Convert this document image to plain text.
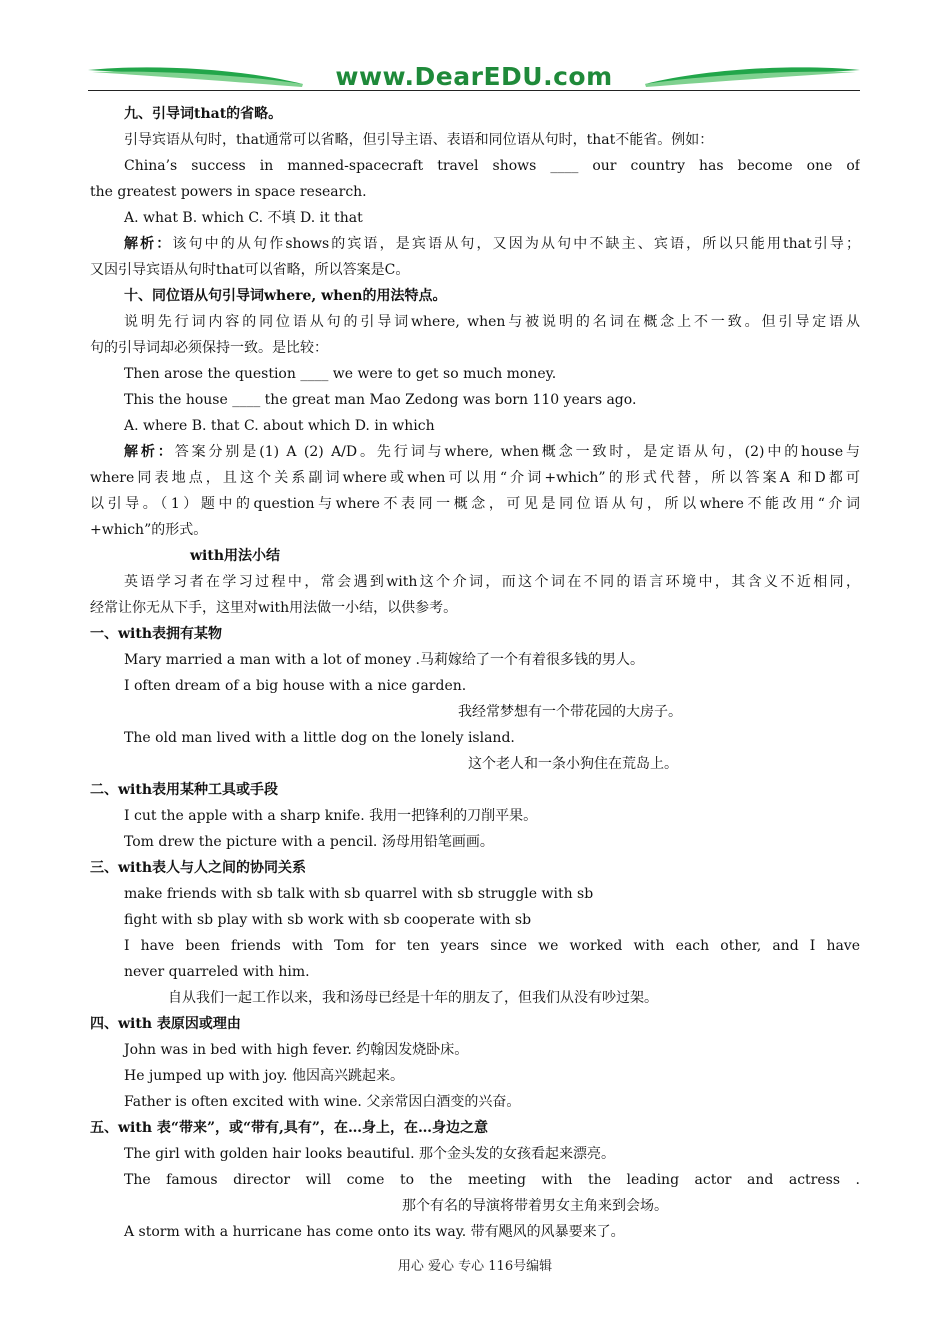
www.DearEDU.com
九、引导词that的省略。
引导宾语从句时，that通常可以省略，但引导主语、表语和同位语从句时，that不能省。例如：
China’s success in manned-spacecraft travel shows ____ our country has become one of
the greatest powers in space research.
A. what B. which C. 不填 D. it that
解析：该句中的从句作shows的宾语，是宾语从句，又因为从句中不缺主、宾语，所以只能用that引导；
又因引导宾语从句时that可以省略，所以答案是C。
十、同位语从句引导词where, when的用法特点。
说明先行词内容的同位语从句的引导词where, when与被说明的名词在概念上不一致。但引导定语从
句的引导词却必须保持一致。是比较：
Then arose the question ____ we were to get so much money.
This the house ____ the great man Mao Zedong was born 110 years ago.
A. where B. that C. about which D. in which
解析：答案分别是(1) A (2) A/D。先行词与where, when概念一致时，是定语从句，(2)中的house与
where同表地点，且这个关系副词where或when可以用“介词+which”的形式代替，所以答案A 和D都可
以引导。（1）题中的question与where不表同一概念，可见是同位语从句，所以where不能改用“介词
+which”的形式。
with用法小结
英语学习者在学习过程中，常会遇到with这个介词，而这个词在不同的语言环境中，其含义不近相同，
经常让你无从下手，这里对with用法做一小结，以供参考。
一、with表拥有某物
Mary married a man with a lot of money .马莉嫁给了一个有着很多钱的男人。
I often dream of a big house with a nice garden.
我经常梦想有一个带花园的大房子。
The old man lived with a little dog on the lonely island.
这个老人和一条小狗住在荒岛上。
二、with表用某种工具或手段
I cut the apple with a sharp knife. 我用一把锋利的刀削平果。
Tom drew the picture with a pencil. 汤母用铅笔画画。
三、with表人与人之间的协同关系
make friends with sb talk with sb quarrel with sb struggle with sb
fight with sb play with sb work with sb cooperate with sb
I have been friends with Tom for ten years since we worked with each other, and I have
never quarreled with him.
自从我们一起工作以来，我和汤母已经是十年的朋友了，但我们从没有吵过架。
四、with 表原因或理由
John was in bed with high fever. 约翰因发烧卧床。
He jumped up with joy. 他因高兴跳起来。
Father is often excited with wine. 父亲常因白酒变的兴奋。
五、with 表“带来”，或“带有,具有”，在…身上，在…身边之意
The girl with golden hair looks beautiful. 那个金头发的女孩看起来漂亮。
The famous director will come to the meeting with the leading actor and actress .
那个有名的导演将带着男女主角来到会场。
A storm with a hurricane has come onto its way. 带有飓风的风暴要来了。
用心 爱心 专心 116号编辑
